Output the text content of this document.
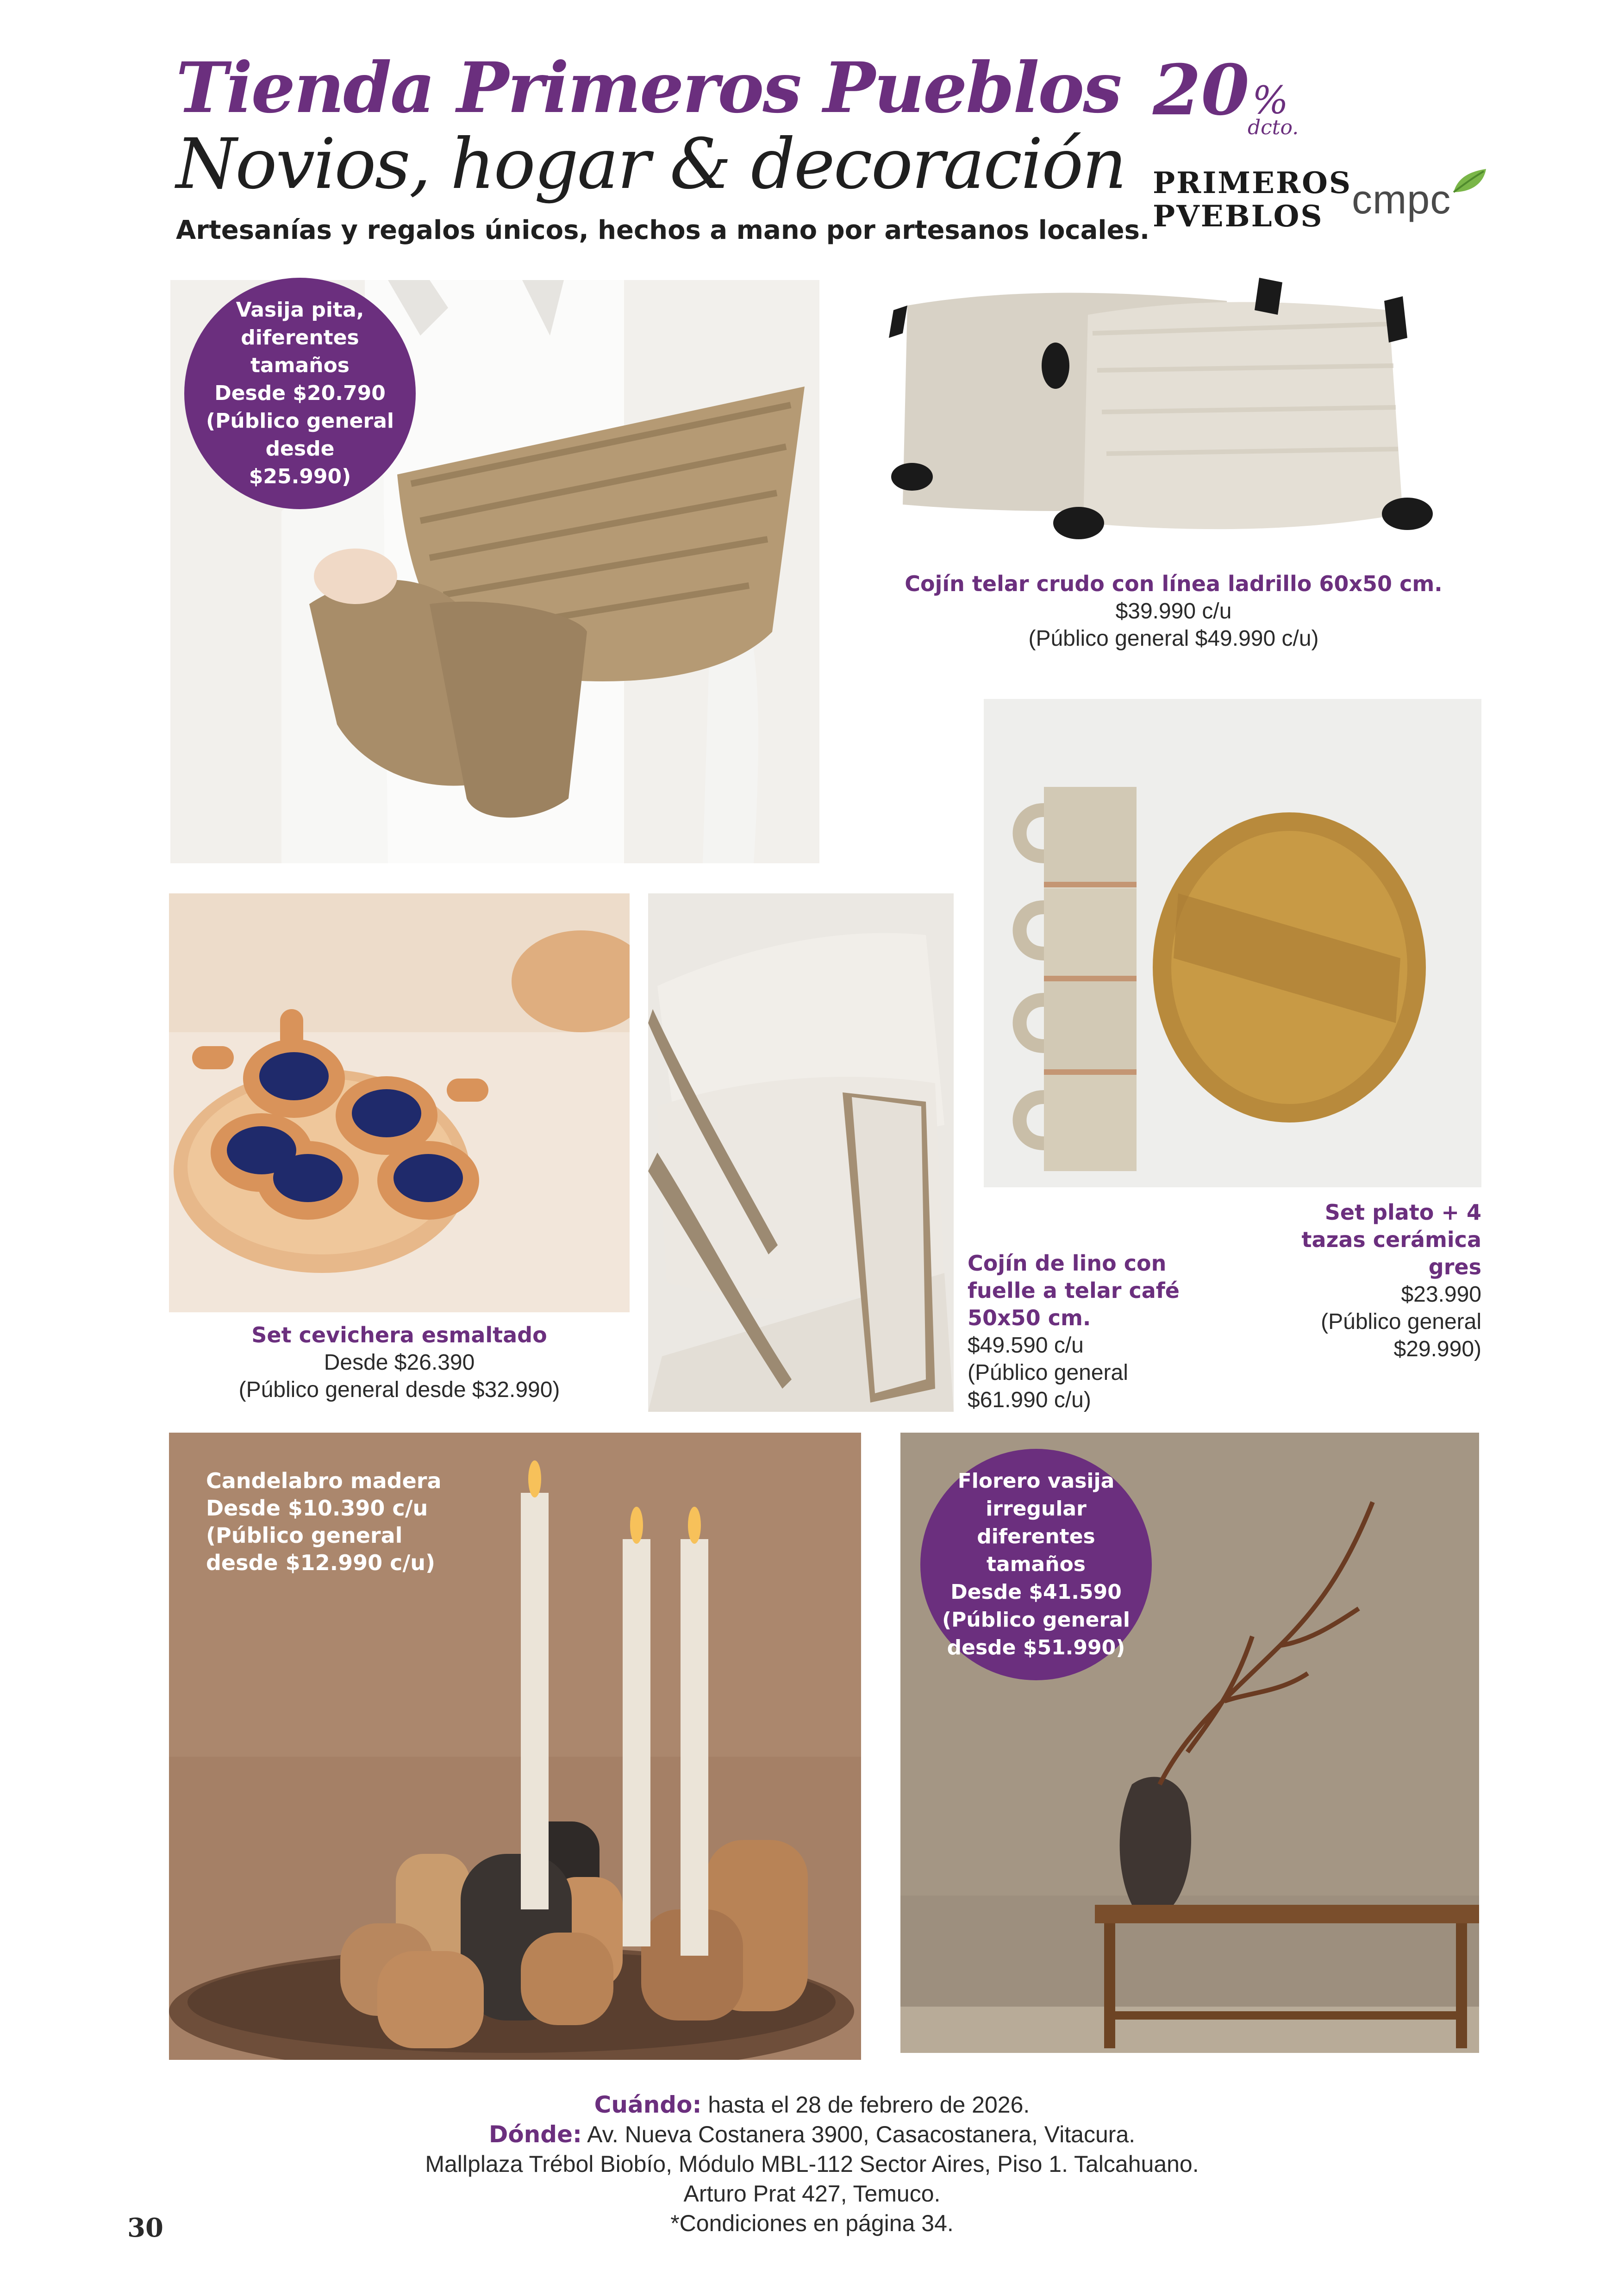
Tienda Primeros Pueblos
Novios, hogar & decoración
Artesanías y regalos únicos, hechos a mano por artesanos locales.
20 %
dcto.
PRIMEROS
PVEBLOS cmpc
Vasija pita,
diferentes
tamaños
Desde $20.790
(Público general
desde
$25.990)
Cojín telar crudo con línea ladrillo 60x50 cm.
$39.990 c/u
(Público general $49.990 c/u)
Set plato + 4
tazas cerámica
gres
$23.990
(Público general
$29.990)
Set cevichera esmaltado
Desde $26.390
(Público general desde $32.990)
Cojín de lino con
fuelle a telar café
50x50 cm.
$49.590 c/u
(Público general
$61.990 c/u)
Candelabro madera
Desde $10.390 c/u
(Público general
desde $12.990 c/u)
Florero vasija
irregular
diferentes
tamaños
Desde $41.590
(Público general
desde $51.990)
Cuándo: hasta el 28 de febrero de 2026.
Dónde: Av. Nueva Costanera 3900, Casacostanera, Vitacura.
Mallplaza Trébol Biobío, Módulo MBL-112 Sector Aires, Piso 1. Talcahuano.
Arturo Prat 427, Temuco.
*Condiciones en página 34.
30
